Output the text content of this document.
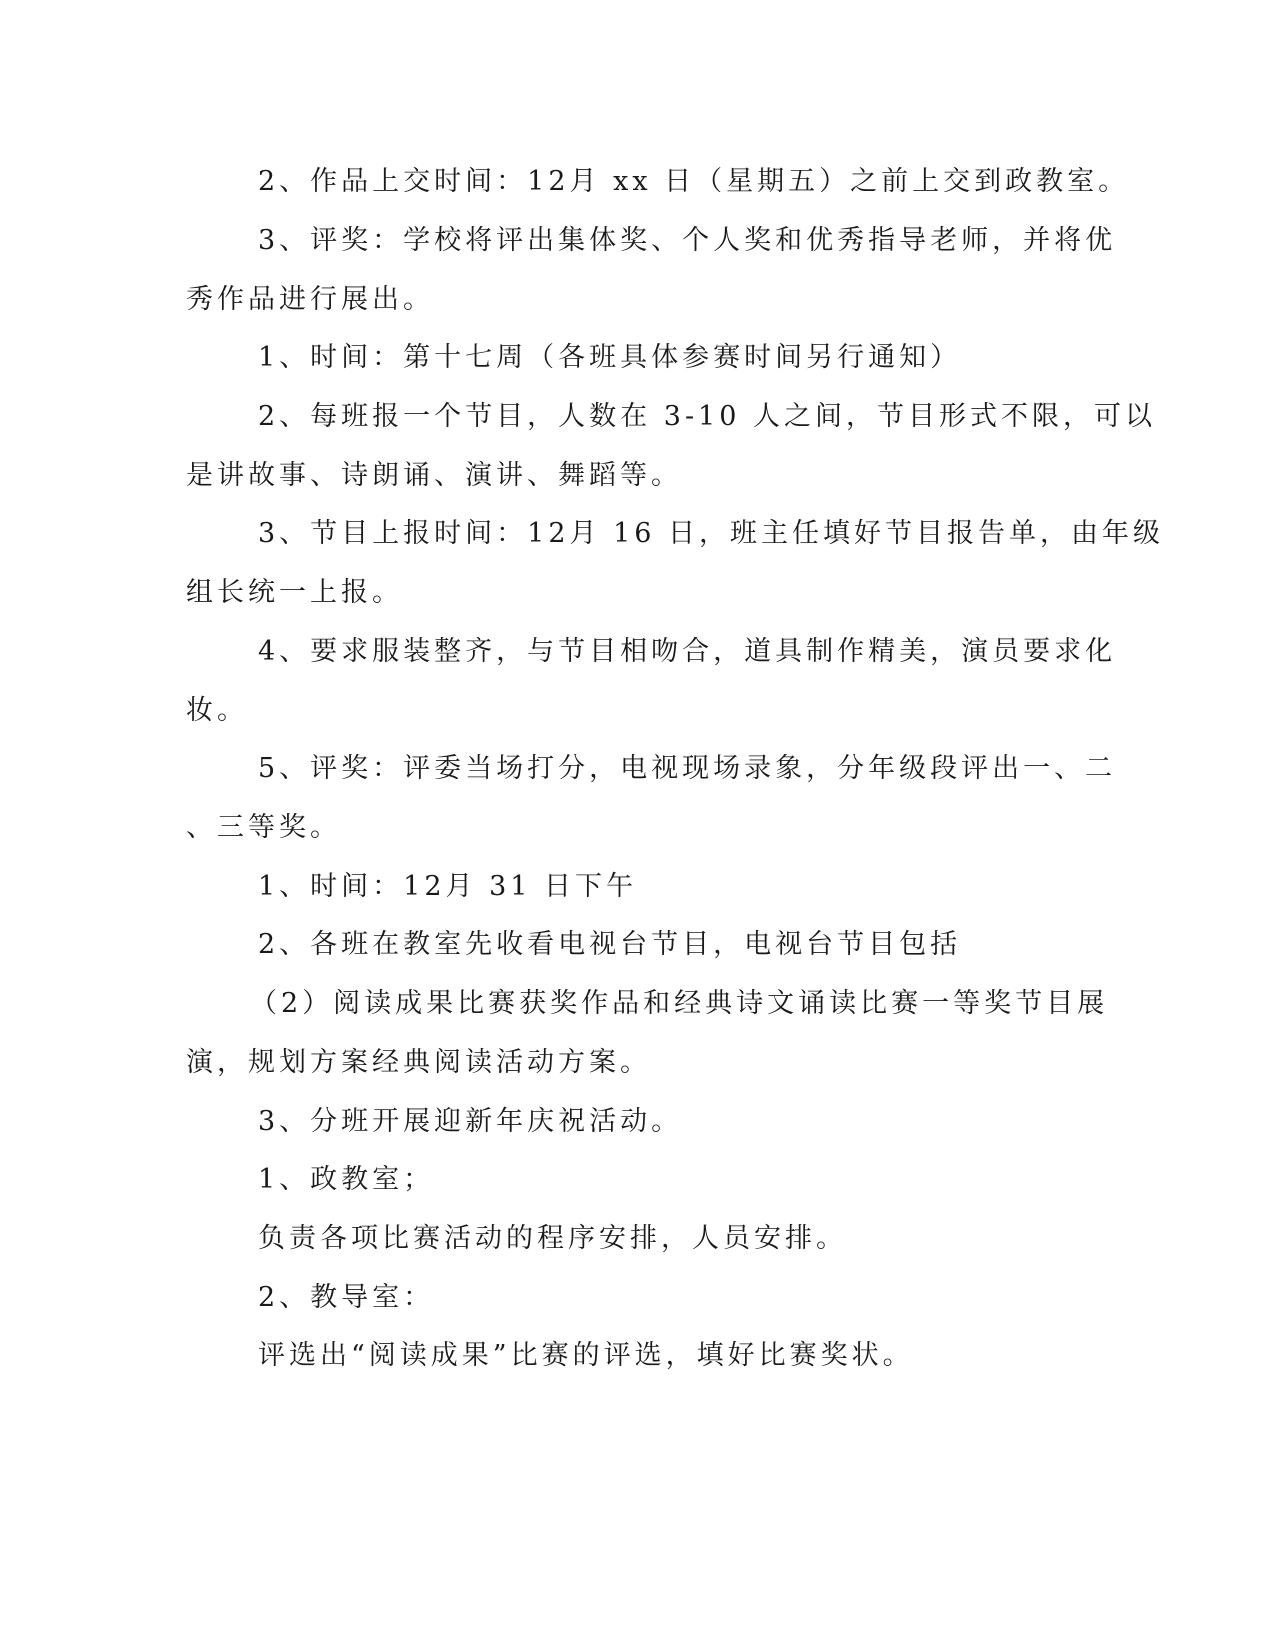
2、作品上交时间：12月 xx 日（星期五）之前上交到政教室。
3、评奖：学校将评出集体奖、个人奖和优秀指导老师，并将优
秀作品进行展出。
1、时间：第十七周（各班具体参赛时间另行通知）
2、每班报一个节目，人数在 3-10 人之间，节目形式不限，可以
是讲故事、诗朗诵、演讲、舞蹈等。
3、节目上报时间：12月 16 日，班主任填好节目报告单，由年级
组长统一上报。
4、要求服装整齐，与节目相吻合，道具制作精美，演员要求化
妆。
5、评奖：评委当场打分，电视现场录象，分年级段评出一、二
、三等奖。
1、时间：12月 31 日下午
2、各班在教室先收看电视台节目，电视台节目包括
（2）阅读成果比赛获奖作品和经典诗文诵读比赛一等奖节目展
演，规划方案经典阅读活动方案。
3、分班开展迎新年庆祝活动。
1、政教室；
负责各项比赛活动的程序安排，人员安排。
2、教导室：
评选出“阅读成果”比赛的评选，填好比赛奖状。
